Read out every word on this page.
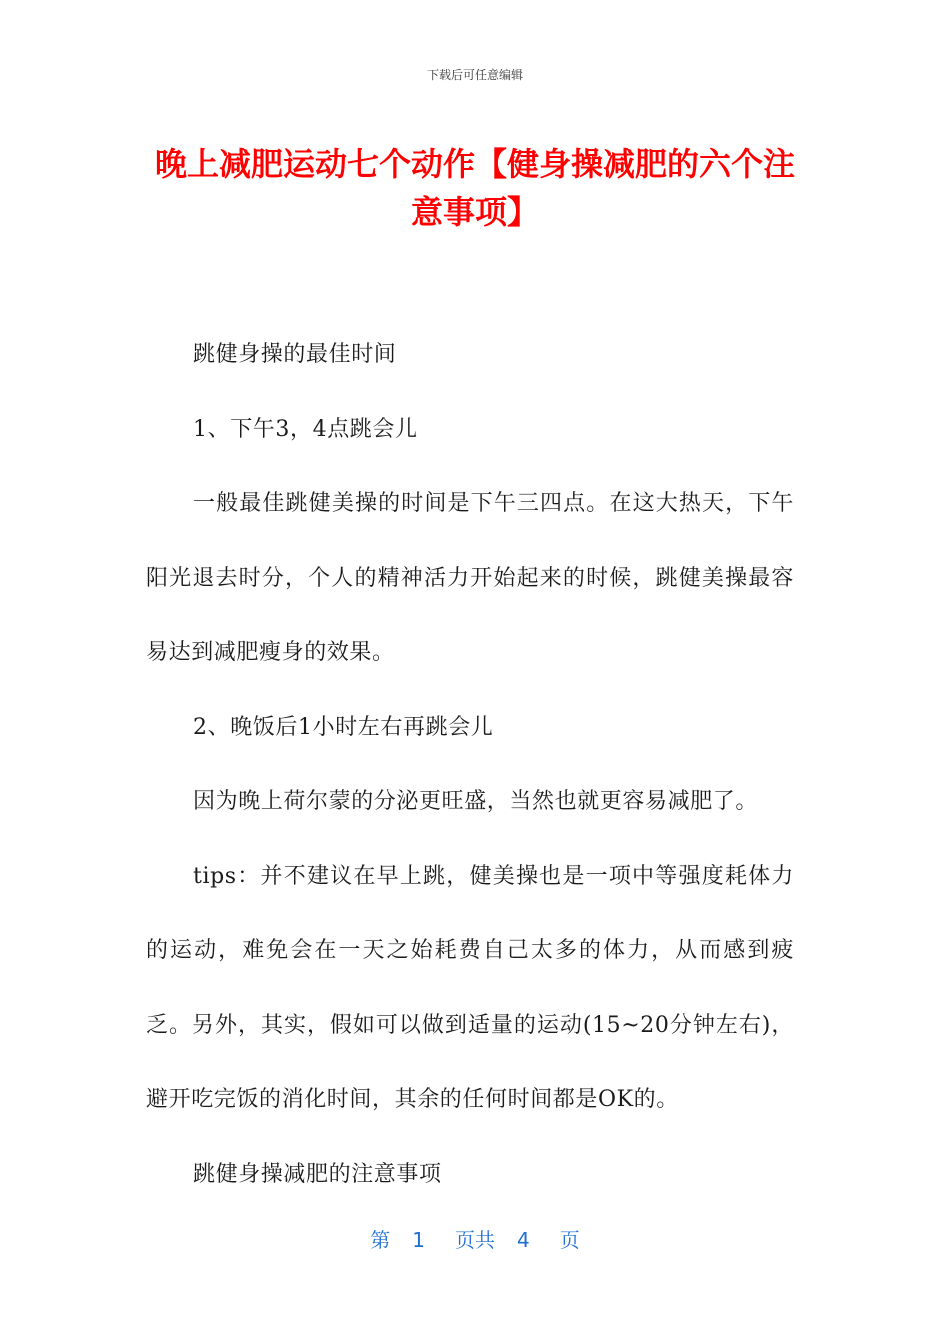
下载后可任意编辑
晚上减肥运动七个动作【健身操减肥的六个注意事项】

跳健身操的最佳时间

1、下午3，4点跳会儿

一般最佳跳健美操的时间是下午三四点。在这大热天，下午阳光退去时分，个人的精神活力开始起来的时候，跳健美操最容易达到减肥瘦身的效果。

2、晚饭后1小时左右再跳会儿

因为晚上荷尔蒙的分泌更旺盛，当然也就更容易减肥了。

tips：并不建议在早上跳，健美操也是一项中等强度耗体力的运动，难免会在一天之始耗费自己太多的体力，从而感到疲乏。另外，其实，假如可以做到适量的运动(15~20分钟左右)，避开吃完饭的消化时间，其余的任何时间都是OK的。

跳健身操减肥的注意事项

第 1 页共 4 页
